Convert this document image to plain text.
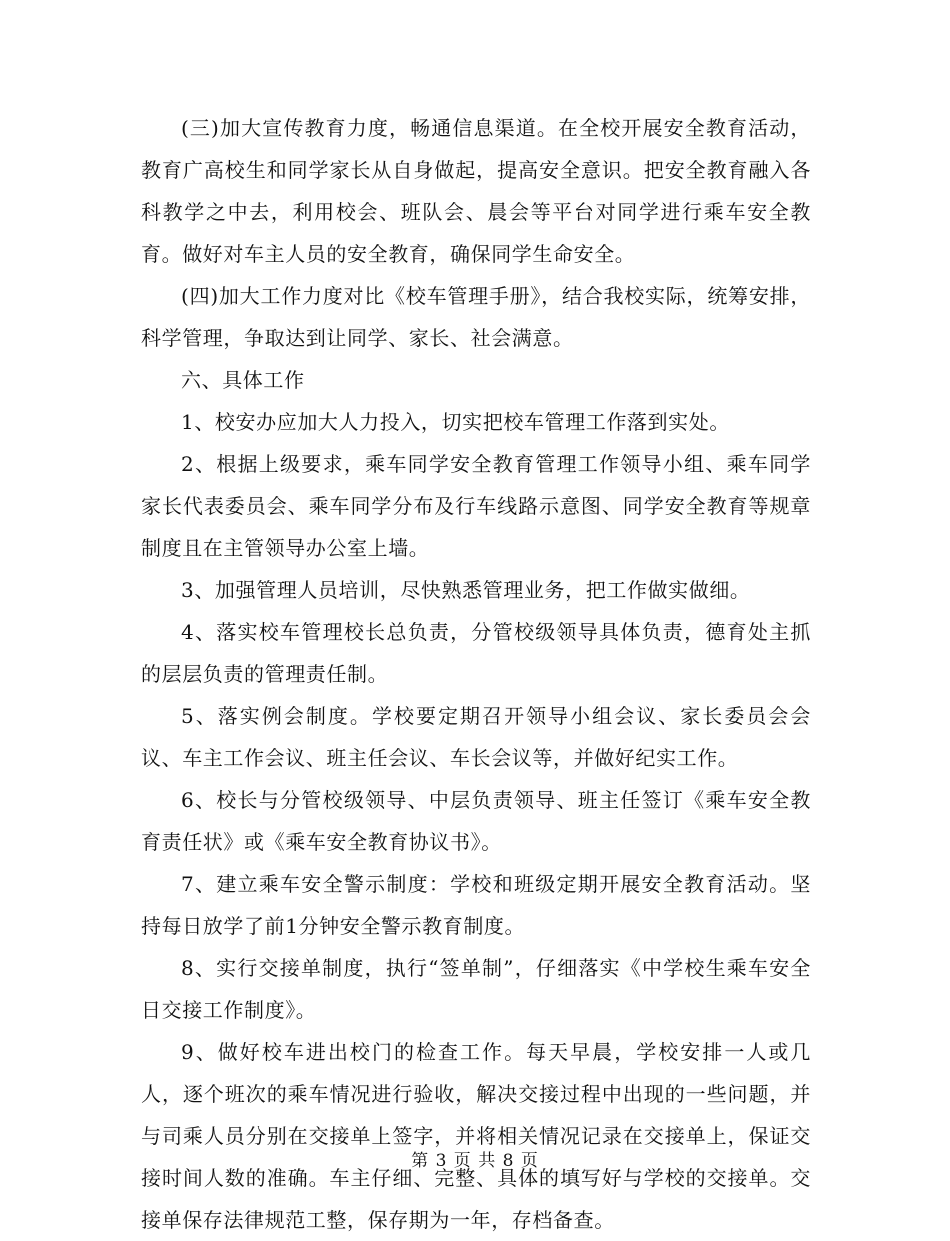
(三)加大宣传教育力度，畅通信息渠道。在全校开展安全教育活动，教育广高校生和同学家长从自身做起，提高安全意识。把安全教育融入各科教学之中去，利用校会、班队会、晨会等平台对同学进行乘车安全教育。做好对车主人员的安全教育，确保同学生命安全。

(四)加大工作力度对比《校车管理手册》，结合我校实际，统筹安排，科学管理，争取达到让同学、家长、社会满意。

六、具体工作

1、校安办应加大人力投入，切实把校车管理工作落到实处。

2、根据上级要求，乘车同学安全教育管理工作领导小组、乘车同学家长代表委员会、乘车同学分布及行车线路示意图、同学安全教育等规章制度且在主管领导办公室上墙。

3、加强管理人员培训，尽快熟悉管理业务，把工作做实做细。

4、落实校车管理校长总负责，分管校级领导具体负责，德育处主抓的层层负责的管理责任制。

5、落实例会制度。学校要定期召开领导小组会议、家长委员会会议、车主工作会议、班主任会议、车长会议等，并做好纪实工作。

6、校长与分管校级领导、中层负责领导、班主任签订《乘车安全教育责任状》或《乘车安全教育协议书》。

7、建立乘车安全警示制度：学校和班级定期开展安全教育活动。坚持每日放学了前1分钟安全警示教育制度。

8、实行交接单制度，执行“签单制”，仔细落实《中学校生乘车安全日交接工作制度》。

9、做好校车进出校门的检查工作。每天早晨，学校安排一人或几人，逐个班次的乘车情况进行验收，解决交接过程中出现的一些问题，并与司乘人员分别在交接单上签字，并将相关情况记录在交接单上，保证交接时间人数的准确。车主仔细、完整、具体的填写好与学校的交接单。交接单保存法律规范工整，保存期为一年，存档备查。

第 3 页 共 8 页
